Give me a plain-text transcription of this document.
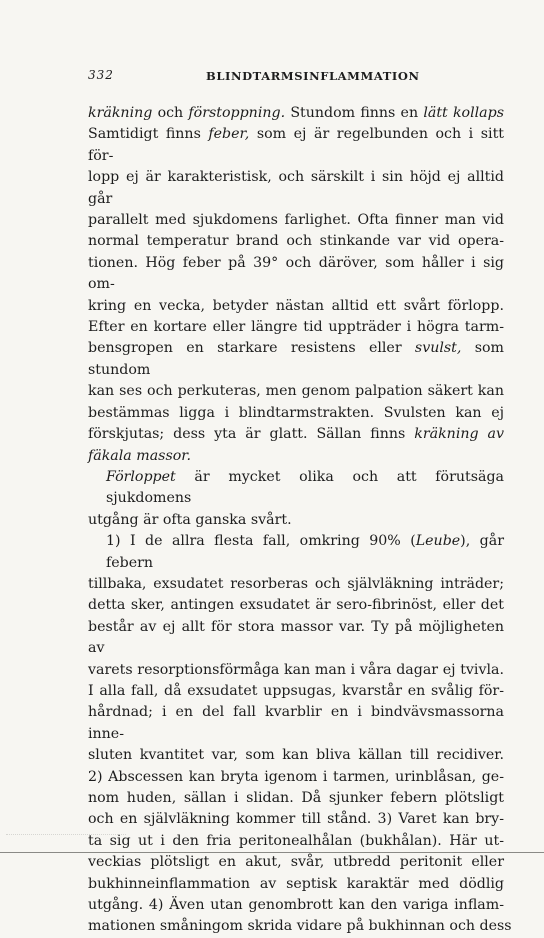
332	BLINDTARMSINFLAMMATION
kräkning och förstoppning. Stundom finns en lätt kollaps
Samtidigt finns feber, som ej är regelbunden och i sitt för-
lopp ej är karakteristisk, och särskilt i sin höjd ej alltid går
parallelt med sjukdomens farlighet. Ofta finner man vid
normal temperatur brand och stinkande var vid opera-
tionen. Hög feber på 39° och däröver, som håller i sig om-
kring en vecka, betyder nästan alltid ett svårt förlopp.
Efter en kortare eller längre tid uppträder i högra tarm-
bensgropen en starkare resistens eller svulst, som stundom
kan ses och perkuteras, men genom palpation säkert kan
bestämmas ligga i blindtarmstrakten. Svulsten kan ej
förskjutas; dess yta är glatt. Sällan finns kräkning av
fäkala massor.
Förloppet är mycket olika och att förutsäga sjukdomens
utgång är ofta ganska svårt.
1) I de allra flesta fall, omkring 90% (Leube), går febern
tillbaka, exsudatet resorberas och självläkning inträder;
detta sker, antingen exsudatet är sero-fibrinöst, eller det
består av ej allt för stora massor var. Ty på möjligheten av
varets resorptionsförmåga kan man i våra dagar ej tvivla.
I alla fall, då exsudatet uppsugas, kvarstår en svålig för-
hårdnad; i en del fall kvarblir en i bindvävsmassorna inne-
sluten kvantitet var, som kan bliva källan till recidiver.
2) Abscessen kan bryta igenom i tarmen, urinblåsan, ge-
nom huden, sällan i slidan. Då sjunker febern plötsligt
och en självläkning kommer till stånd. 3) Varet kan bry-
ta sig ut i den fria peritonealhålan (bukhålan). Här ut-
veckias plötsligt en akut, svår, utbredd peritonit eller
bukhinneinflammation av septisk karaktär med dödlig
utgång. 4) Även utan genombrott kan den variga inflam-
mationen småningom skrida vidare på bukhinnan och dess
